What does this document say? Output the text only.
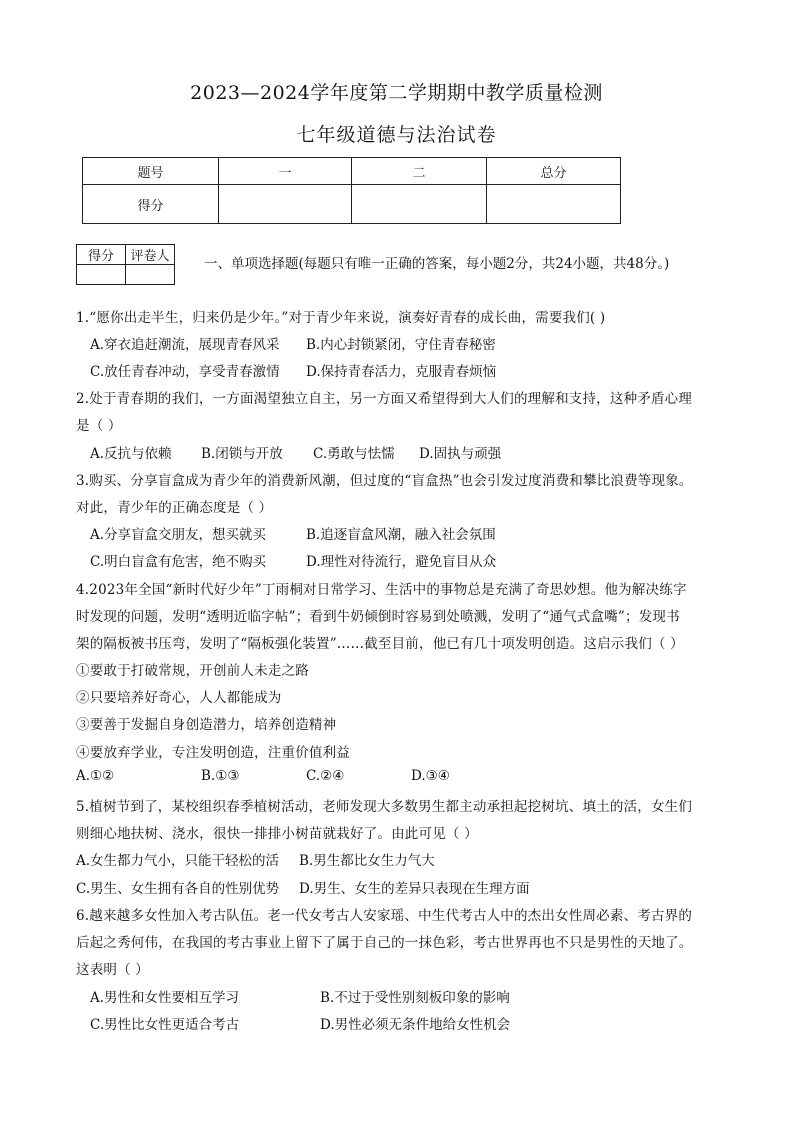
2023—2024学年度第二学期期中教学质量检测
七年级道德与法治试卷
题号	一	二	总分
得分			
得分	评卷人
		一、单项选择题(每题只有唯一正确的答案，每小题2分，共24小题，共48分。)
1.“愿你出走半生，归来仍是少年。”对于青少年来说，演奏好青春的成长曲，需要我们( )
A.穿衣追赶潮流，展现青春风采 B.内心封锁紧闭，守住青春秘密
C.放任青春冲动，享受青春激情 D.保持青春活力，克服青春烦恼
2.处于青春期的我们，一方面渴望独立自主，另一方面又希望得到大人们的理解和支持，这种矛盾心理
是（ ）
A.反抗与依赖 B.闭锁与开放 C.勇敢与怯懦 D.固执与顽强
3.购买、分享盲盒成为青少年的消费新风潮，但过度的“盲盒热”也会引发过度消费和攀比浪费等现象。
对此，青少年的正确态度是（ ）
A.分享盲盒交朋友，想买就买	B.追逐盲盒风潮，融入社会氛围
C.明白盲盒有危害，绝不购买	D.理性对待流行，避免盲目从众
4.2023年全国“新时代好少年”丁雨桐对日常学习、生活中的事物总是充满了奇思妙想。他为解决练字
时发现的问题，发明“透明近临字帖”；看到牛奶倾倒时容易到处喷溅，发明了“通气式盒嘴”；发现书
架的隔板被书压弯，发明了“隔板强化装置”……截至目前，他已有几十项发明创造。这启示我们（ ）
①要敢于打破常规，开创前人未走之路
②只要培养好奇心，人人都能成为
③要善于发掘自身创造潜力，培养创造精神
④要放弃学业，专注发明创造，注重价值利益
A.①②	B.①③	C.②④	D.③④
5.植树节到了，某校组织春季植树活动，老师发现大多数男生都主动承担起挖树坑、填土的活，女生们
则细心地扶树、浇水，很快一排排小树苗就栽好了。由此可见（ ）
A.女生都力气小，只能干轻松的活 B.男生都比女生力气大
C.男生、女生拥有各自的性别优势 D.男生、女生的差异只表现在生理方面
6.越来越多女性加入考古队伍。老一代女考古人安家瑶、中生代考古人中的杰出女性周必素、考古界的
后起之秀何伟，在我国的考古事业上留下了属于自己的一抹色彩，考古世界再也不只是男性的天地了。
这表明（ ）
A.男性和女性要相互学习	B.不过于受性别刻板印象的影响
C.男性比女性更适合考古	D.男性必须无条件地给女性机会
